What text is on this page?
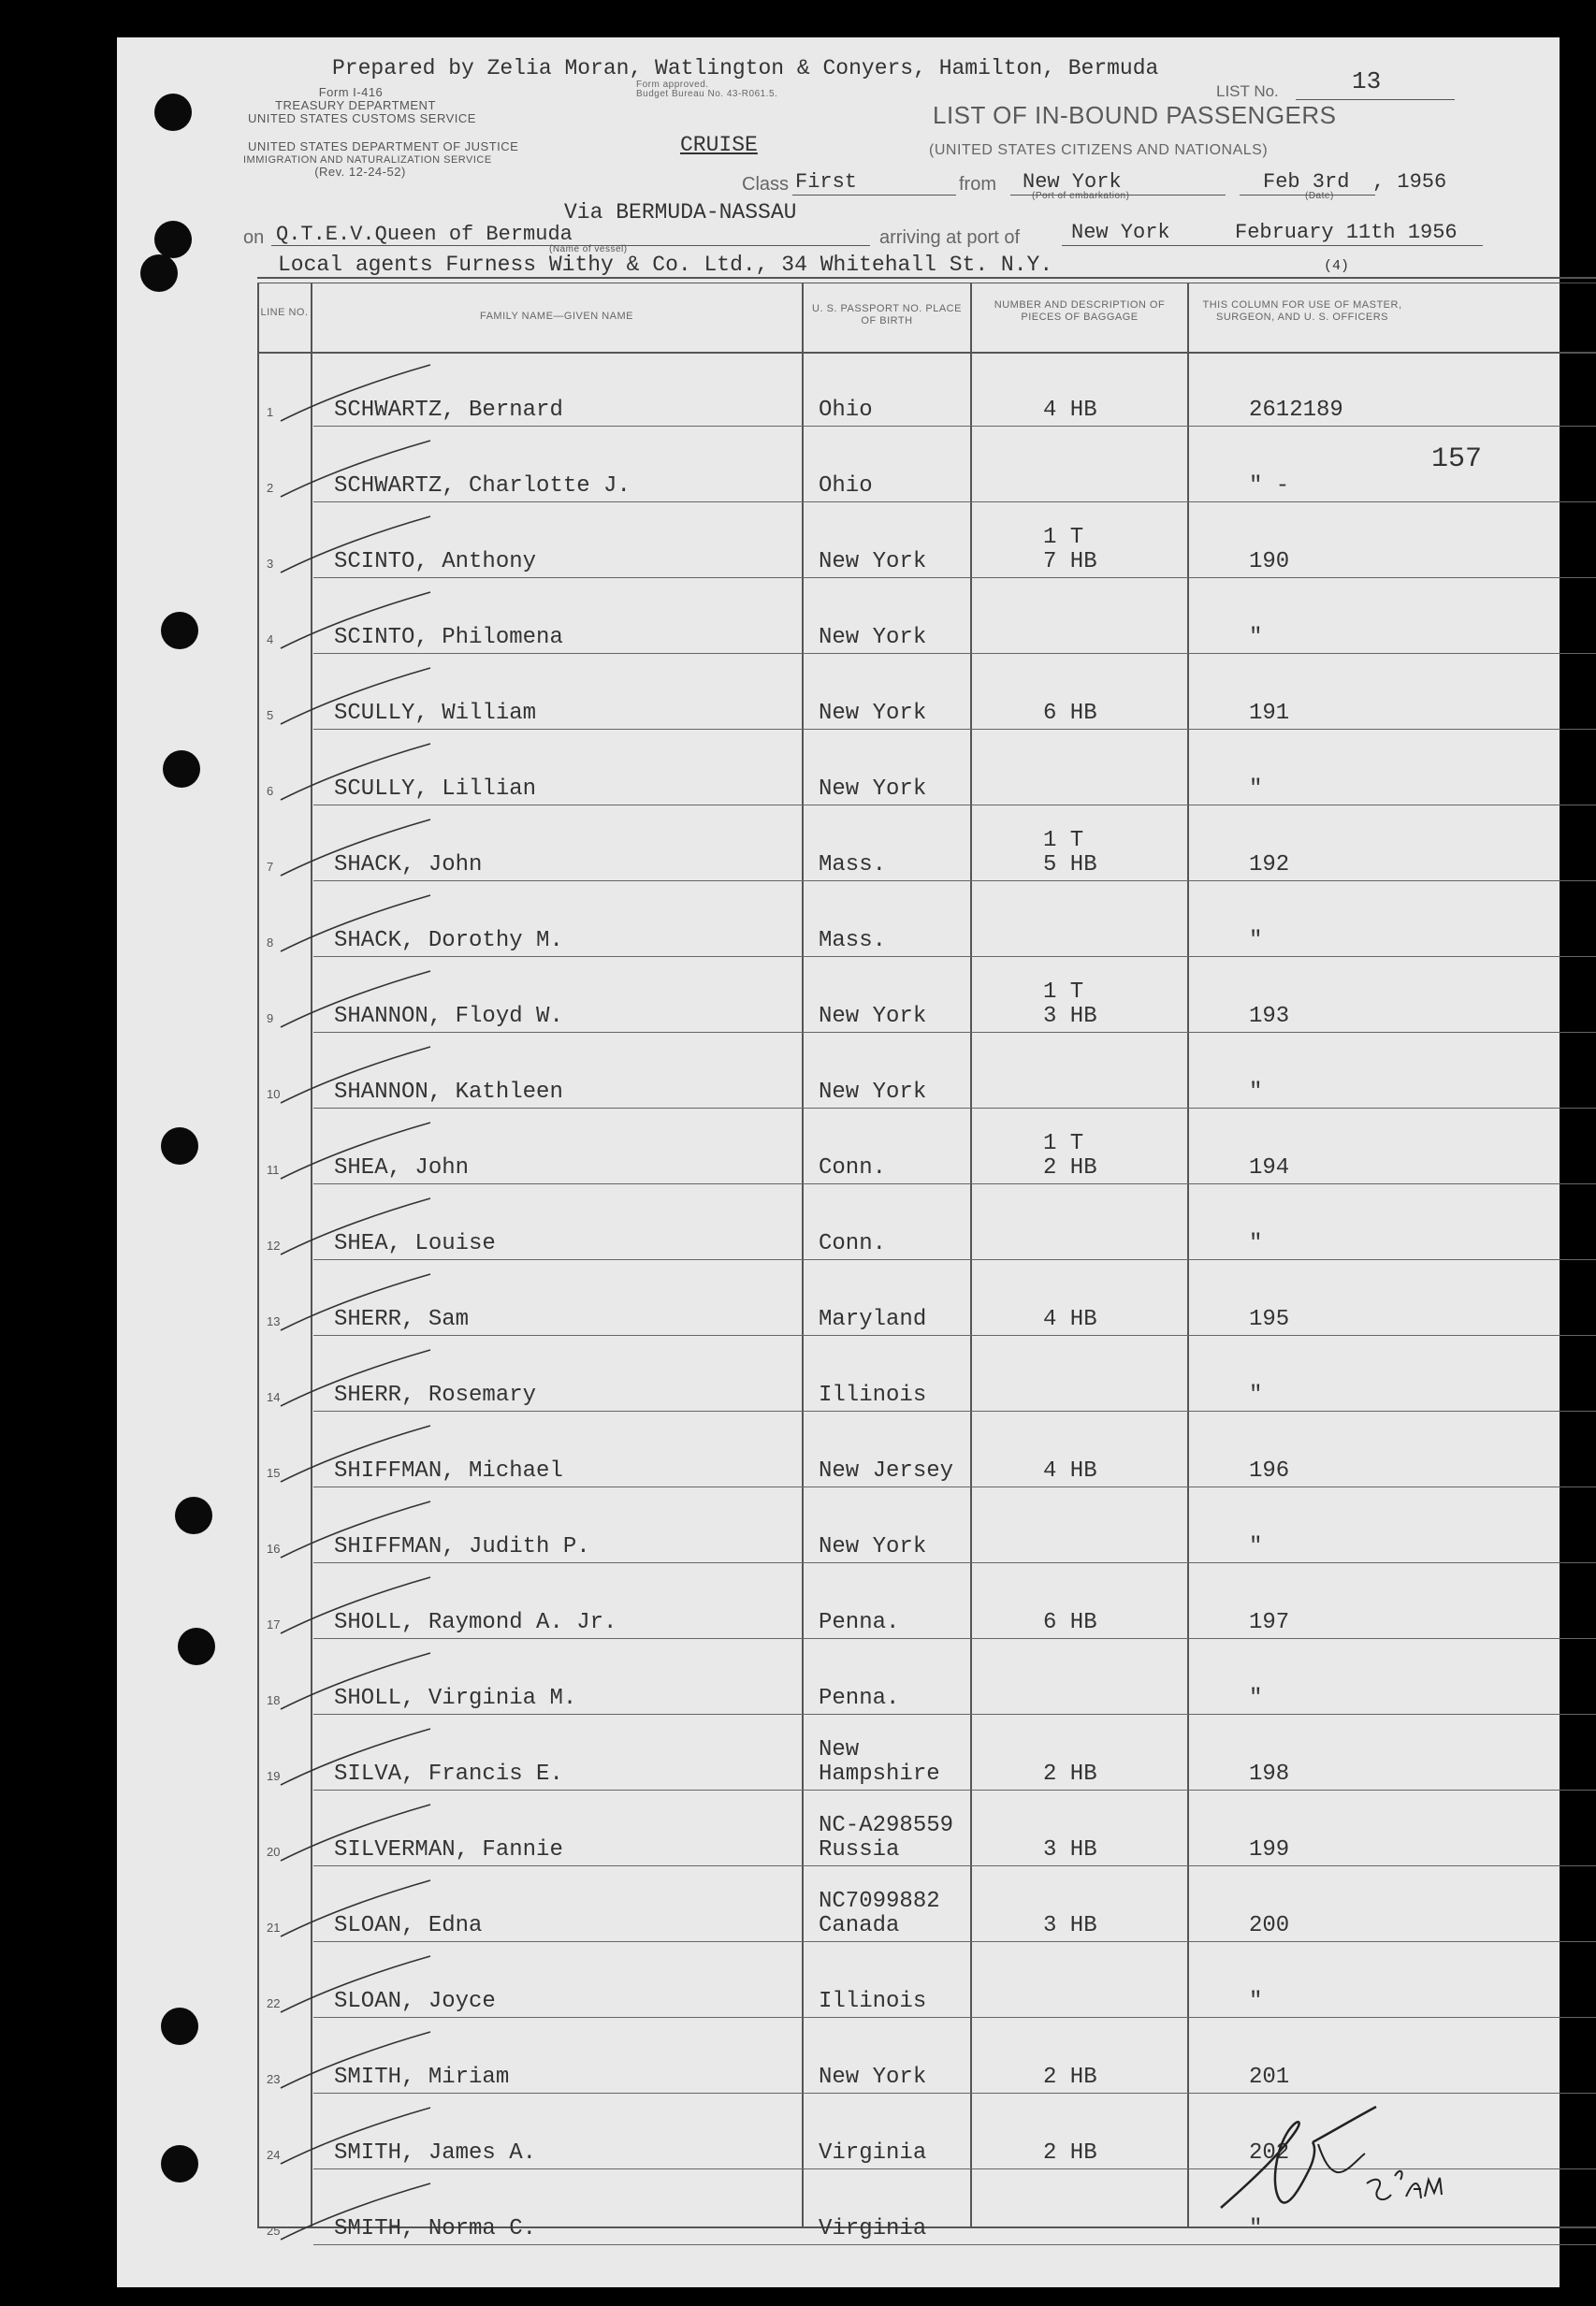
Prepared by Zelia Moran, Watlington & Conyers, Hamilton, Bermuda
Form I-416
Form approved.
Budget Bureau No. 43-R061.5.
TREASURY DEPARTMENT
UNITED STATES CUSTOMS SERVICE
UNITED STATES DEPARTMENT OF JUSTICE
IMMIGRATION AND NATURALIZATION SERVICE
(Rev. 12-24-52)
LIST No.	13
LIST OF IN-BOUND PASSENGERS
(UNITED STATES CITIZENS AND NATIONALS)
CRUISE
Class First	from New York
(Port of embarkation)
Feb 3rd
(Date)
, 1956
Via BERMUDA-NASSAU
on Q.T.E.V.Queen of Bermuda
(Name of vessel)
arriving at port of New York	February 11th 1956
Local agents Furness Withy & Co. Ltd., 34 Whitehall St. N.Y.	(4)
LINE NO.	FAMILY NAME—GIVEN NAME
U. S. PASSPORT NO. PLACE OF BIRTH
NUMBER AND DESCRIPTION OF PIECES OF BAGGAGE
THIS COLUMN FOR USE OF MASTER, SURGEON, AND U. S. OFFICERS
157
1	SCHWARTZ, Bernard	Ohio	4 HB	2612189
2	SCHWARTZ, Charlotte J.	Ohio	" -
3	SCINTO, Anthony	New York
1 T
7 HB	190
4	SCINTO, Philomena	New York	"
5	SCULLY, William	New York	6 HB	191
6	SCULLY, Lillian	New York	"
7	SHACK, John	Mass.
1 T
5 HB	192
8	SHACK, Dorothy M.	Mass.	"
9	SHANNON, Floyd W.	New York
1 T
3 HB	193
10 SHANNON, Kathleen	New York	"
11 SHEA, John	Conn.
1 T
2 HB	194
12 SHEA, Louise	Conn.	"
13 SHERR, Sam	Maryland	4 HB	195
14 SHERR, Rosemary	Illinois	"
15 SHIFFMAN, Michael	New Jersey	4 HB	196
16 SHIFFMAN, Judith P.	New York	"
17 SHOLL, Raymond A. Jr.	Penna.	6 HB	197
18 SHOLL, Virginia M.	Penna.	"
19 SILVA, Francis E.
New
Hampshire	2 HB	198
20 SILVERMAN, Fannie
NC-A298559
Russia	3 HB	199
21 SLOAN, Edna
NC7099882
Canada	3 HB	200
22 SLOAN, Joyce	Illinois	"
23 SMITH, Miriam	New York	2 HB	201
24 SMITH, James A.	Virginia	2 HB	202
25 SMITH, Norma C.	Virginia	"
